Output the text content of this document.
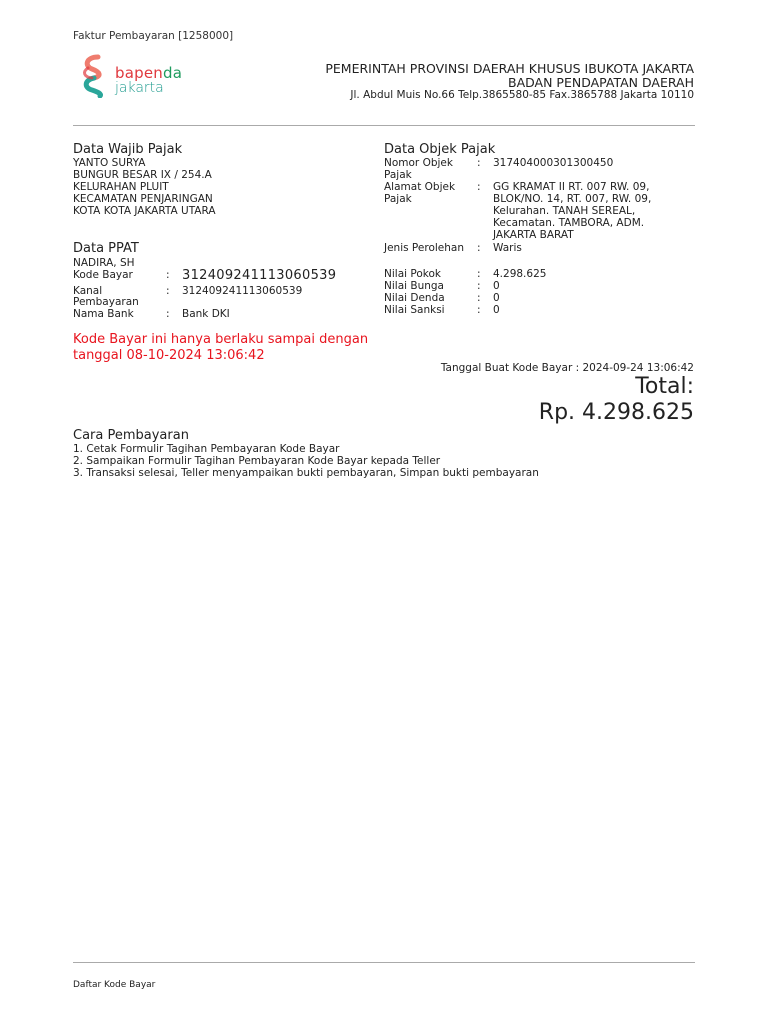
Faktur Pembayaran [1258000]
bapenda
jakarta
PEMERINTAH PROVINSI DAERAH KHUSUS IBUKOTA JAKARTA
BADAN PENDAPATAN DAERAH
Jl. Abdul Muis No.66 Telp.3865580-85 Fax.3865788 Jakarta 10110
Data Wajib Pajak
YANTO SURYA
BUNGUR BESAR IX / 254.A
KELURAHAN PLUIT
KECAMATAN PENJARINGAN
KOTA KOTA JAKARTA UTARA
Data PPAT
NADIRA, SH
Kode Bayar	: 312409241113060539
Kanal
Pembayaran
: 312409241113060539
Nama Bank	: Bank DKI
Data Objek Pajak
Nomor Objek
Pajak
: 317404000301300450
Alamat Objek
Pajak
: GG KRAMAT II RT. 007 RW. 09,
BLOK/NO. 14, RT. 007, RW. 09,
Kelurahan. TANAH SEREAL,
Kecamatan. TAMBORA, ADM.
JAKARTA BARAT
Jenis Perolehan : Waris
Nilai Pokok	: 4.298.625
Nilai Bunga	: 0
Nilai Denda	: 0
Nilai Sanksi	: 0
Kode Bayar ini hanya berlaku sampai dengan tanggal 08-10-2024 13:06:42
Tanggal Buat Kode Bayar : 2024-09-24 13:06:42
Total:
Rp. 4.298.625
Cara Pembayaran
1. Cetak Formulir Tagihan Pembayaran Kode Bayar
2. Sampaikan Formulir Tagihan Pembayaran Kode Bayar kepada Teller
3. Transaksi selesai, Teller menyampaikan bukti pembayaran, Simpan bukti pembayaran
Daftar Kode Bayar
